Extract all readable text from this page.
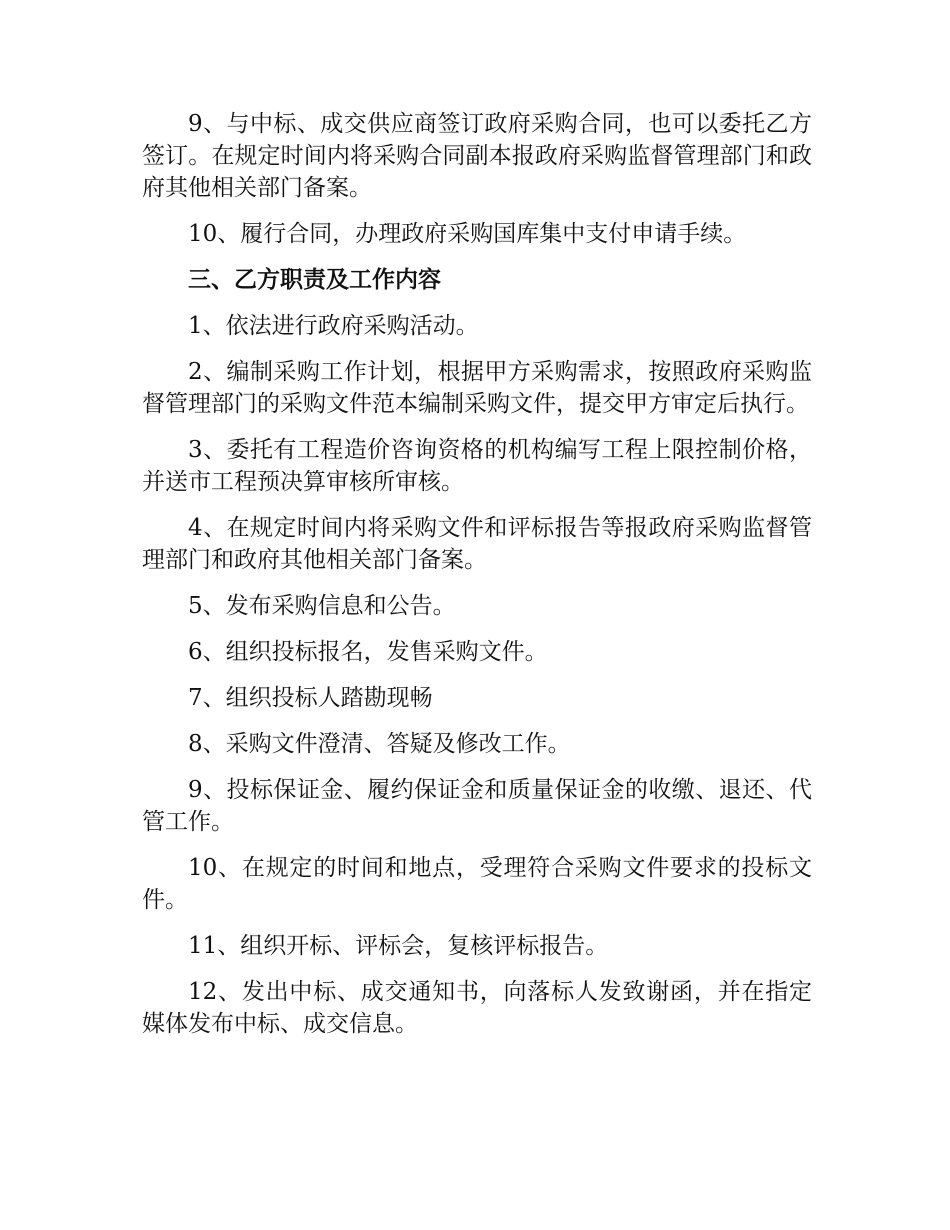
9、与中标、成交供应商签订政府采购合同，也可以委托乙方签订。在规定时间内将采购合同副本报政府采购监督管理部门和政府其他相关部门备案。

10、履行合同，办理政府采购国库集中支付申请手续。

三、乙方职责及工作内容

1、依法进行政府采购活动。

2、编制采购工作计划，根据甲方采购需求，按照政府采购监督管理部门的采购文件范本编制采购文件，提交甲方审定后执行。

3、委托有工程造价咨询资格的机构编写工程上限控制价格，并送市工程预决算审核所审核。

4、在规定时间内将采购文件和评标报告等报政府采购监督管理部门和政府其他相关部门备案。

5、发布采购信息和公告。

6、组织投标报名，发售采购文件。

7、组织投标人踏勘现畅

8、采购文件澄清、答疑及修改工作。

9、投标保证金、履约保证金和质量保证金的收缴、退还、代管工作。

10、在规定的时间和地点，受理符合采购文件要求的投标文件。

11、组织开标、评标会，复核评标报告。

12、发出中标、成交通知书，向落标人发致谢函，并在指定媒体发布中标、成交信息。
